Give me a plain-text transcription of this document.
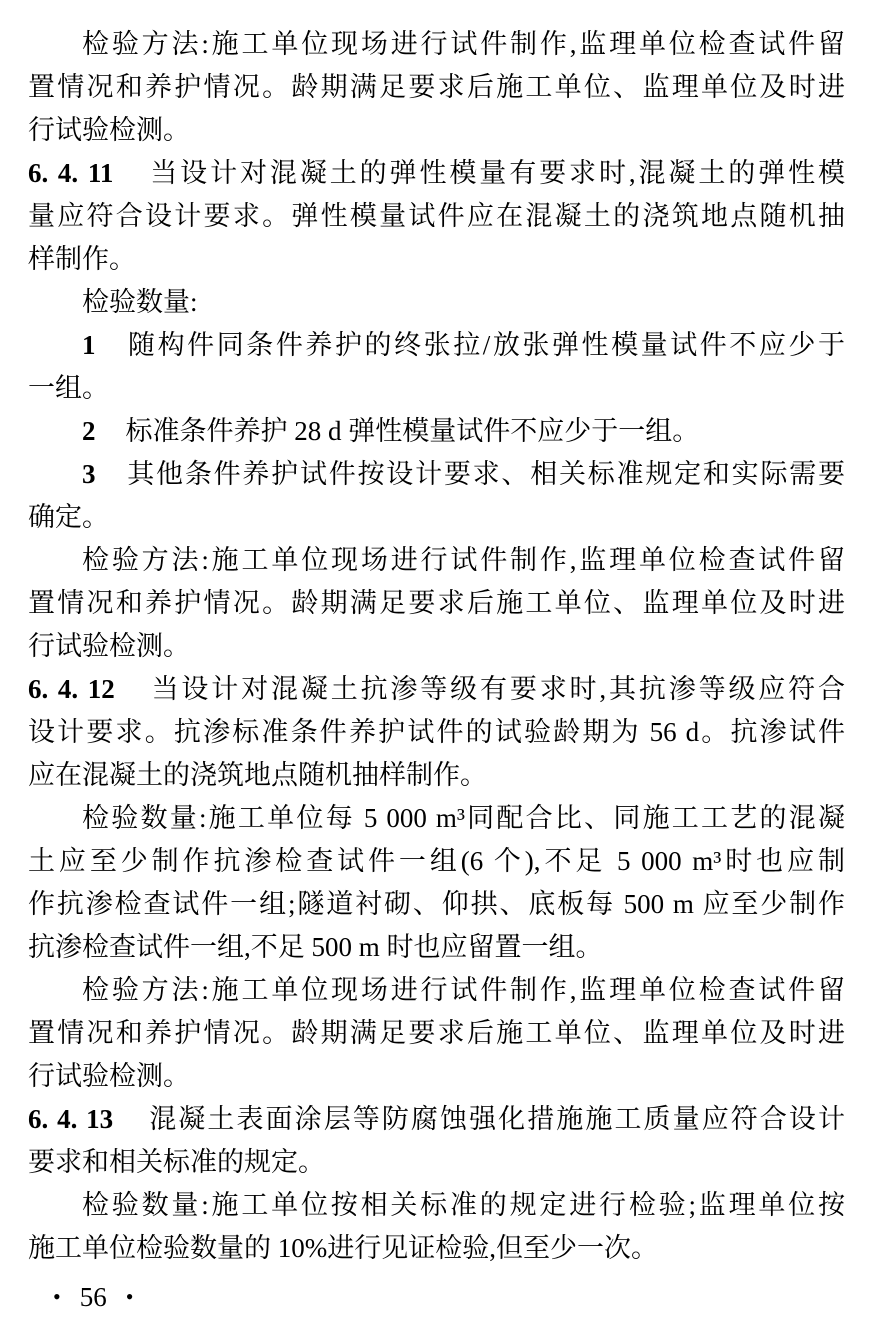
检验方法:施工单位现场进行试件制作,监理单位检查试件留
置情况和养护情况。龄期满足要求后施工单位、监理单位及时进
行试验检测。
6. 4. 11 当设计对混凝土的弹性模量有要求时,混凝土的弹性模
量应符合设计要求。弹性模量试件应在混凝土的浇筑地点随机抽
样制作。
检验数量:
1 随构件同条件养护的终张拉/放张弹性模量试件不应少于
一组。
2 标准条件养护 28 d 弹性模量试件不应少于一组。
3 其他条件养护试件按设计要求、相关标准规定和实际需要
确定。
检验方法:施工单位现场进行试件制作,监理单位检查试件留
置情况和养护情况。龄期满足要求后施工单位、监理单位及时进
行试验检测。
6. 4. 12 当设计对混凝土抗渗等级有要求时,其抗渗等级应符合
设计要求。抗渗标准条件养护试件的试验龄期为 56 d。抗渗试件
应在混凝土的浇筑地点随机抽样制作。
检验数量:施工单位每 5 000 m³同配合比、同施工工艺的混凝
土应至少制作抗渗检查试件一组(6 个),不足 5 000 m³时也应制
作抗渗检查试件一组;隧道衬砌、仰拱、底板每 500 m 应至少制作
抗渗检查试件一组,不足 500 m 时也应留置一组。
检验方法:施工单位现场进行试件制作,监理单位检查试件留
置情况和养护情况。龄期满足要求后施工单位、监理单位及时进
行试验检测。
6. 4. 13 混凝土表面涂层等防腐蚀强化措施施工质量应符合设计
要求和相关标准的规定。
检验数量:施工单位按相关标准的规定进行检验;监理单位按
施工单位检验数量的 10%进行见证检验,但至少一次。
• 56 •
